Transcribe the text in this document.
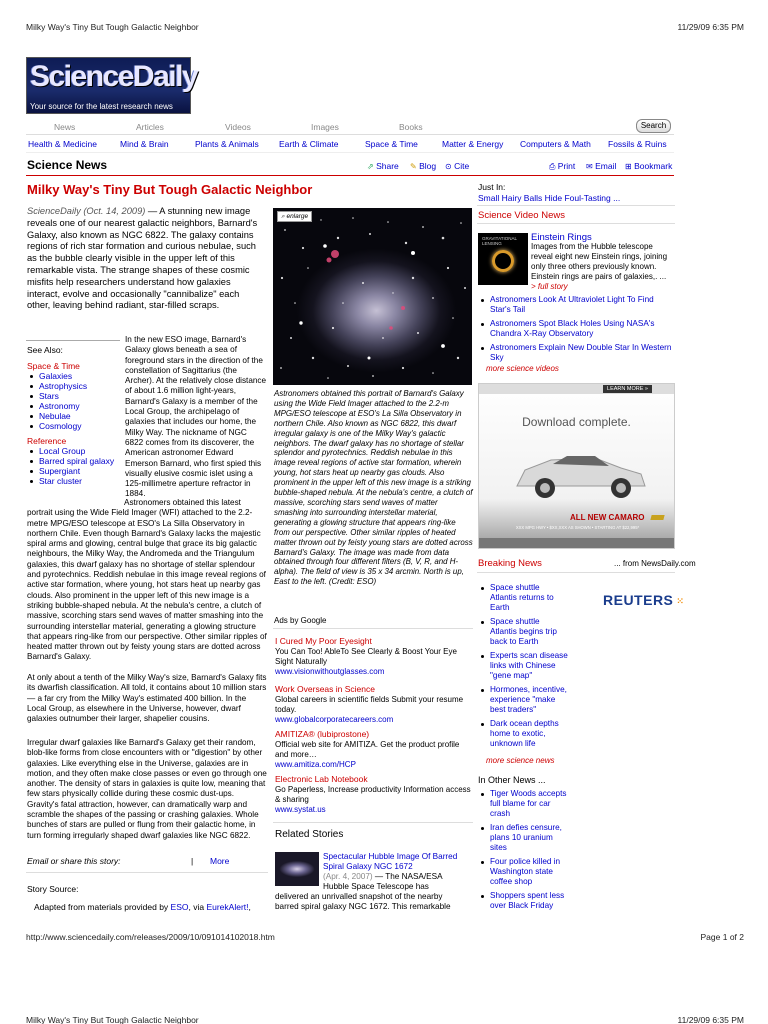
Milky Way's Tiny But Tough Galactic Neighbor	11/29/09 6:35 PM
ScienceDaily
Your source for the latest research news
News	Articles	Videos	Images	Books	Search
Health & Medicine	Mind & Brain	Plants & Animals Earth & Climate	Space & Time	Matter & Energy Computers & Math Fossils & Ruins
Science News	⇗ Share ✎ Blog ⊙ Cite	⎙ Print ✉ Email ⊞ Bookmark
Milky Way's Tiny But Tough Galactic Neighbor
ScienceDaily (Oct. 14, 2009) — A stunning new image reveals one of our nearest galactic neighbors, Barnard's Galaxy, also known as NGC 6822. The galaxy contains regions of rich star formation and curious nebulae, such as the bubble clearly visible in the upper left of this remarkable vista. The strange shapes of these cosmic misfits help researchers understand how galaxies interact, evolve and occasionally "cannibalize" each other, leaving behind radiant, star-filled scraps.
See Also:
Space & Time
Galaxies
Astrophysics
Stars
Astronomy
Nebulae
Cosmology
Reference
Local Group
Barred spiral galaxy
Supergiant
Star cluster
In the new ESO image, Barnard's Galaxy glows beneath a sea of foreground stars in the direction of the constellation of Sagittarius (the Archer). At the relatively close distance of about 1.6 million light-years, Barnard's Galaxy is a member of the Local Group, the archipelago of galaxies that includes our home, the Milky Way. The nickname of NGC 6822 comes from its discoverer, the American astronomer Edward Emerson Barnard, who first spied this visually elusive cosmic islet using a 125-millimetre aperture refractor in 1884.
Astronomers obtained this latest portrait using the Wide Field Imager (WFI) attached to the 2.2-metre MPG/ESO telescope at ESO's La Silla Observatory in northern Chile. Even though Barnard's Galaxy lacks the majestic spiral arms and glowing, central bulge that grace its big galactic neighbours, the Milky Way, the Andromeda and the Triangulum galaxies, this dwarf galaxy has no shortage of stellar splendour and pyrotechnics. Reddish nebulae in this image reveal regions of active star formation, where young, hot stars heat up nearby gas clouds. Also prominent in the upper left of this new image is a striking bubble-shaped nebula. At the nebula's centre, a clutch of massive, scorching stars send waves of matter smashing into the surrounding interstellar material, generating a glowing structure that appears ring-like from our perspective. Other similar ripples of heated matter thrown out by feisty young stars are dotted across Barnard's Galaxy.
At only about a tenth of the Milky Way's size, Barnard's Galaxy fits its dwarfish classification. All told, it contains about 10 million stars — a far cry from the Milky Way's estimated 400 billion. In the Local Group, as elsewhere in the Universe, however, dwarf galaxies outnumber their larger, shapelier cousins.
Irregular dwarf galaxies like Barnard's Galaxy get their random, blob-like forms from close encounters with or "digestion" by other galaxies. Like everything else in the Universe, galaxies are in motion, and they often make close passes or even go through one another. The density of stars in galaxies is quite low, meaning that few stars physically collide during these cosmic dust-ups. Gravity's fatal attraction, however, can dramatically warp and scramble the shapes of the passing or crashing galaxies. Whole bunches of stars are pulled or flung from their galactic home, in turn forming irregularly shaped dwarf galaxies like NGC 6822.
Email or share this story:	| More
Story Source:
Adapted from materials provided by ESO, via EurekAlert!,
⌕ enlarge
Astronomers obtained this portrait of Barnard's Galaxy using the Wide Field Imager attached to the 2.2-m MPG/ESO telescope at ESO's La Silla Observatory in northern Chile. Also known as NGC 6822, this dwarf irregular galaxy is one of the Milky Way's galactic neighbors. The dwarf galaxy has no shortage of stellar splendor and pyrotechnics. Reddish nebulae in this image reveal regions of active star formation, wherein young, hot stars heat up nearby gas clouds. Also prominent in the upper left of this new image is a striking bubble-shaped nebula. At the nebula's centre, a clutch of massive, scorching stars send waves of matter smashing into surrounding interstellar material, generating a glowing structure that appears ring-like from our perspective. Other similar ripples of heated matter thrown out by feisty young stars are dotted across Barnard's Galaxy. The image was made from data obtained through four different filters (B, V, R, and H-alpha). The field of view is 35 x 34 arcmin. North is up, East to the left. (Credit: ESO)
Ads by Google
I Cured My Poor Eyesight
You Can Too! AbleTo See Clearly & Boost Your Eye Sight Naturally
www.visionwithoutglasses.com
Work Overseas in Science
Global careers in scientific fields Submit your resume today.
www.globalcorporatecareers.com
AMITIZA® (lubiprostone)
Official web site for AMITIZA. Get the product profile and more…
www.amitiza.com/HCP
Electronic Lab Notebook
Go Paperless, Increase productivity Information access & sharing
www.systat.us
Related Stories
Spectacular Hubble Image Of Barred Spiral Galaxy NGC 1672
(Apr. 4, 2007) — The NASA/ESA
Hubble Space Telescope has
delivered an unrivalled snapshot of the nearby
barred spiral galaxy NGC 1672. This remarkable
Just In:
Small Hairy Balls Hide Foul-Tasting ...
Science Video News
GRAVITATIONAL
LENSING
Einstein Rings
Images from the Hubble telescope reveal eight new Einstein rings, joining only three others previously known. Einstein rings are pairs of galaxies,. ... > full story
Astronomers Look At Ultraviolet Light To Find Star's Tail
Astronomers Spot Black Holes Using NASA's Chandra X-Ray Observatory
Astronomers Explain New Double Star In Western Sky
more science videos
LEARN MORE »
Download complete.
ALL NEW CAMARO
XXX MPG HWY • $XX,XXX AS SHOWN • STARTING AT $22,995*
Breaking News	... from NewsDaily.com
Space shuttle Atlantis returns to Earth
Space shuttle Atlantis begins trip back to Earth
Experts scan disease links with Chinese "gene map"
Hormones, incentive, experience "make best traders"
Dark ocean depths home to exotic, unknown life
REUTERS ⁙
more science news
In Other News ...
Tiger Woods accepts full blame for car crash
Iran defies censure, plans 10 uranium sites
Four police killed in Washington state coffee shop
Shoppers spent less over Black Friday
http://www.sciencedaily.com/releases/2009/10/091014102018.htm	Page 1 of 2
Milky Way's Tiny But Tough Galactic Neighbor	11/29/09 6:35 PM
